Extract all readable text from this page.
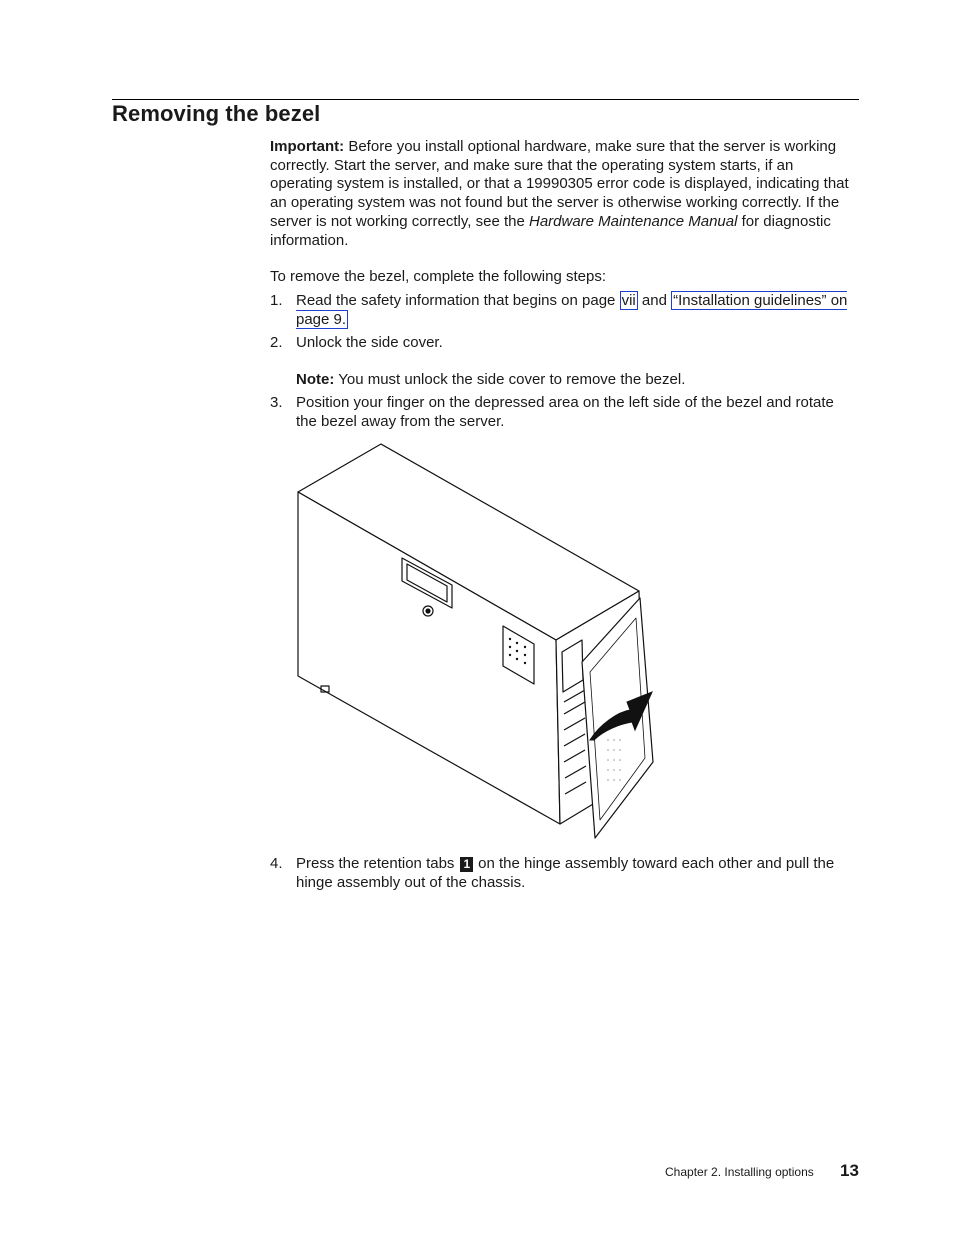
Removing the bezel

Important: Before you install optional hardware, make sure that the server is working correctly. Start the server, and make sure that the operating system starts, if an operating system is installed, or that a 19990305 error code is displayed, indicating that an operating system was not found but the server is otherwise working correctly. If the server is not working correctly, see the Hardware Maintenance Manual for diagnostic information.

To remove the bezel, complete the following steps:
1. Read the safety information that begins on page vii and “Installation guidelines” on page 9.
2. Unlock the side cover.
Note: You must unlock the side cover to remove the bezel.
3. Position your finger on the depressed area on the left side of the bezel and rotate the bezel away from the server.
4. Press the retention tabs 1 on the hinge assembly toward each other and pull the hinge assembly out of the chassis.
Chapter 2. Installing options 13
